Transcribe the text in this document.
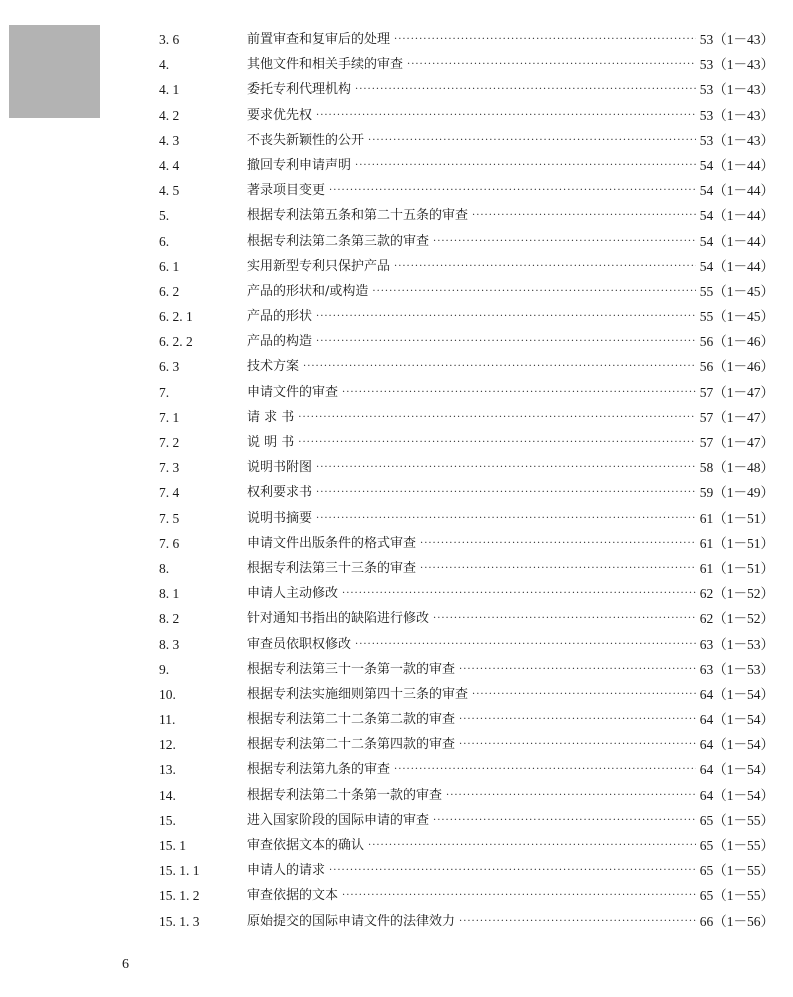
3. 6	前置审查和复审后的处理 ·····	53（1－43）
4.	其他文件和相关手续的审查 ·····	53（1－43）
4. 1	委托专利代理机构 ·····	53（1－43）
4. 2	要求优先权 ·····	53（1－43）
4. 3	不丧失新颖性的公开 ·····	53（1－43）
4. 4	撤回专利申请声明 ·····	54（1－44）
4. 5	著录项目变更 ·····	54（1－44）
5.	根据专利法第五条和第二十五条的审查 ·····	54（1－44）
6.	根据专利法第二条第三款的审查 ·····	54（1－44）
6. 1	实用新型专利只保护产品 ·····	54（1－44）
6. 2	产品的形状和/或构造 ·····	55（1－45）
6. 2. 1	产品的形状 ·····	55（1－45）
6. 2. 2	产品的构造 ·····	56（1－46）
6. 3	技术方案 ·····	56（1－46）
7.	申请文件的审查 ·····	57（1－47）
7. 1	请 求 书 ·····	57（1－47）
7. 2	说 明 书 ·····	57（1－47）
7. 3	说明书附图 ·····	58（1－48）
7. 4	权利要求书 ·····	59（1－49）
7. 5	说明书摘要 ·····	61（1－51）
7. 6	申请文件出版条件的格式审查 ·····	61（1－51）
8.	根据专利法第三十三条的审查 ·····	61（1－51）
8. 1	申请人主动修改 ·····	62（1－52）
8. 2	针对通知书指出的缺陷进行修改 ·····	62（1－52）
8. 3	审查员依职权修改 ·····	63（1－53）
9.	根据专利法第三十一条第一款的审查 ·····	63（1－53）
10.	根据专利法实施细则第四十三条的审查 ·····	64（1－54）
11.	根据专利法第二十二条第二款的审查 ·····	64（1－54）
12.	根据专利法第二十二条第四款的审查 ·····	64（1－54）
13.	根据专利法第九条的审查 ·····	64（1－54）
14.	根据专利法第二十条第一款的审查 ·····	64（1－54）
15.	进入国家阶段的国际申请的审查 ·····	65（1－55）
15. 1	审查依据文本的确认 ·····	65（1－55）
15. 1. 1	申请人的请求 ·····	65（1－55）
15. 1. 2	审查依据的文本 ·····	65（1－55）
15. 1. 3	原始提交的国际申请文件的法律效力 ·····	66（1－56）
6
